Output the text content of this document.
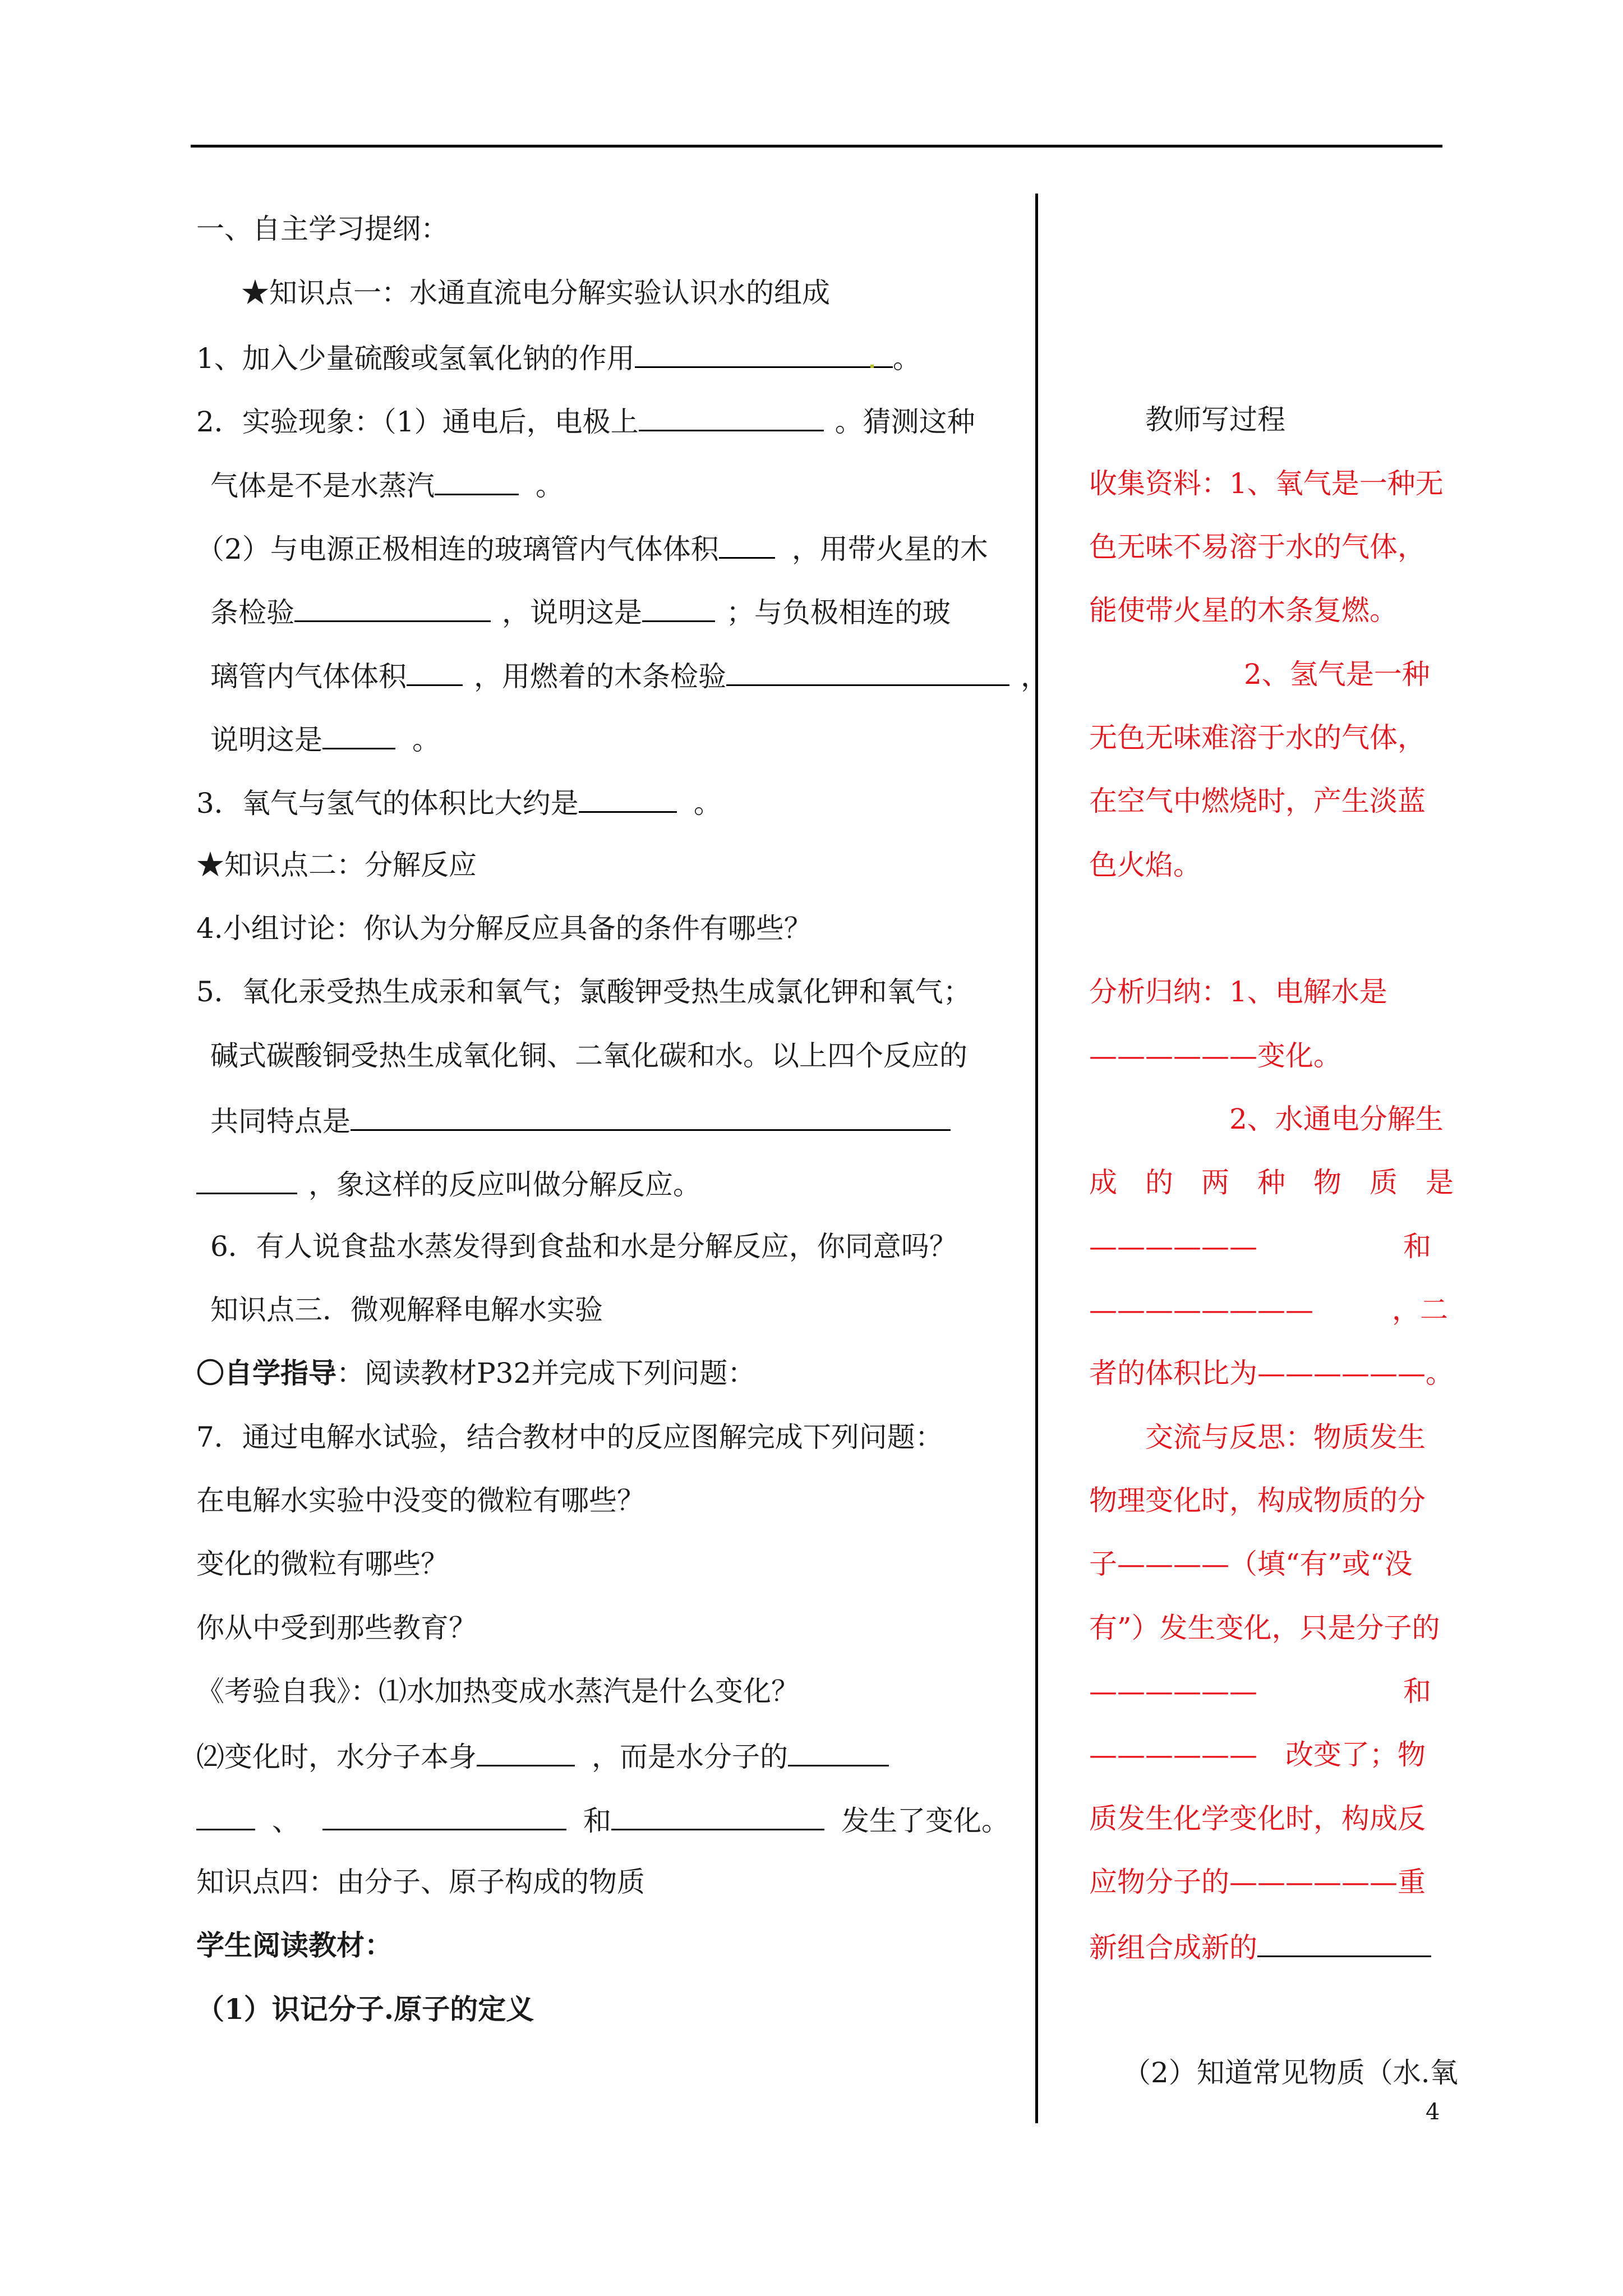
一、自主学习提纲：
★知识点一：水通直流电分解实验认识水的组成
1、加入少量硫酸或氢氧化钠的作用	。
2．实验现象：（1）通电后，电极上	。猜测这种
气体是不是水蒸汽	。
（2）与电源正极相连的玻璃管内气体体积	，用带火星的木
条检验	，说明这是	；与负极相连的玻
璃管内气体体积 ，用燃着的木条检验	，
说明这是	。
3．氧气与氢气的体积比大约是	。
★知识点二：分解反应
4.小组讨论：你认为分解反应具备的条件有哪些？
5．氧化汞受热生成汞和氧气；氯酸钾受热生成氯化钾和氧气；
碱式碳酸铜受热生成氧化铜、二氧化碳和水。以上四个反应的
共同特点是
，象这样的反应叫做分解反应。
6．有人说食盐水蒸发得到食盐和水是分解反应，你同意吗？
知识点三．微观解释电解水实验
〇自学指导：阅读教材P32并完成下列问题：
7．通过电解水试验，结合教材中的反应图解完成下列问题：
在电解水实验中没变的微粒有哪些？
变化的微粒有哪些？
你从中受到那些教育？
《考验自我》：⑴水加热变成水蒸汽是什么变化？
⑵变化时，水分子本身	，而是水分子的
、	和	发生了变化。
知识点四：由分子、原子构成的物质
学生阅读教材：
（1）识记分子.原子的定义
教师写过程
收集资料：1、氧气是一种无
色无味不易溶于水的气体，
能使带火星的木条复燃。
2、氢气是一种
无色无味难溶于水的气体，
在空气中燃烧时，产生淡蓝
色火焰。
分析归纳：1、电解水是
——————变化。
2、水通电分解生
成　的　两　种　物　质　是
——————	和
————————	，二
者的体积比为——————。
交流与反思：物质发生
物理变化时，构成物质的分
子————（填“有”或“没
有”）发生变化，只是分子的
——————	和
—————— 改变了；物
质发生化学变化时，构成反
应物分子的——————重
新组合成新的
（2）知道常见物质（水.氧
4
